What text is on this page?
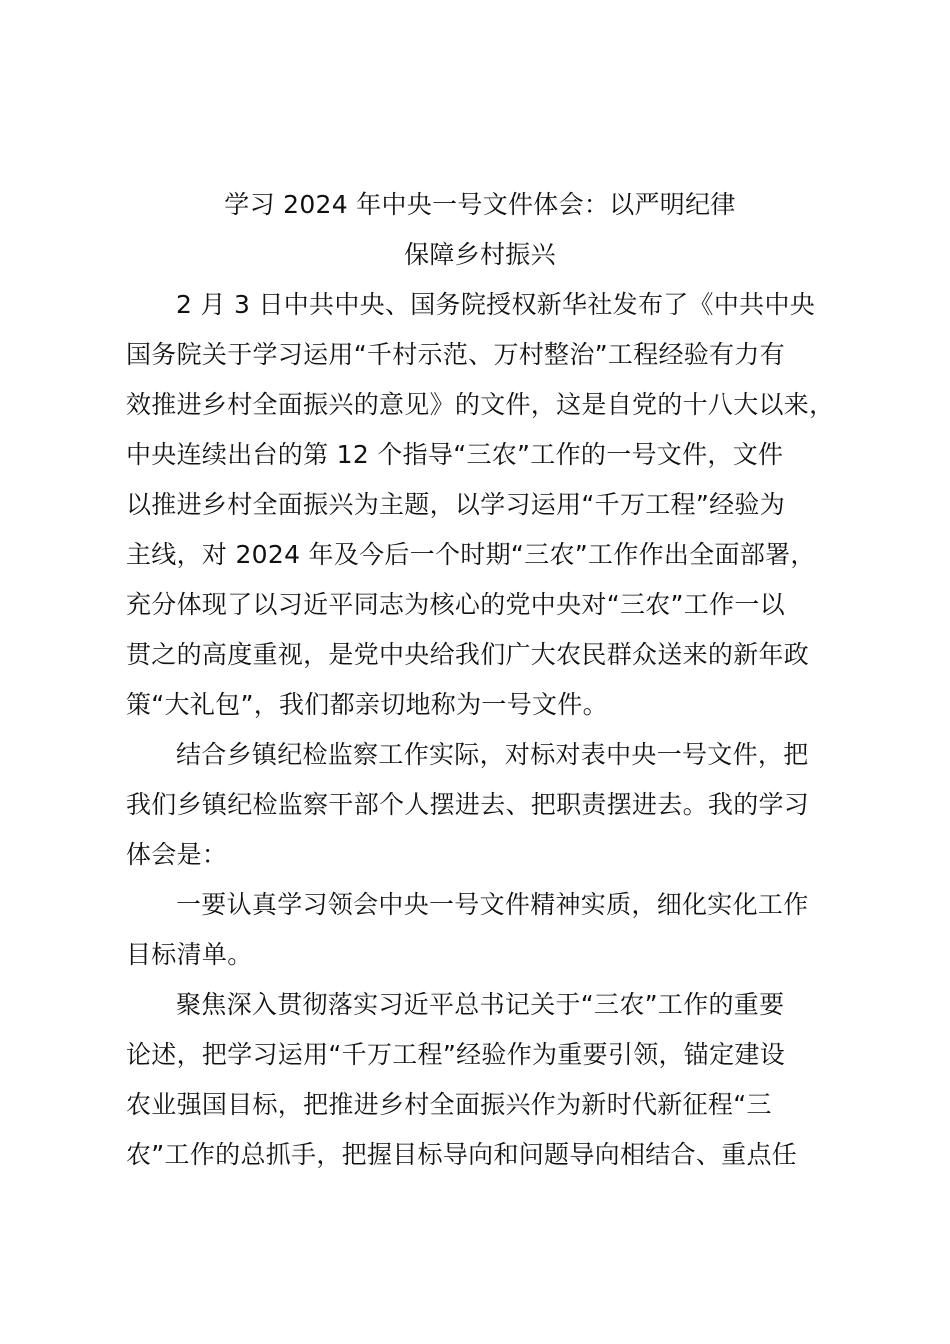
学习 2024 年中央一号文件体会：以严明纪律
保障乡村振兴
2 月 3 日中共中央、国务院授权新华社发布了《中共中央
国务院关于学习运用“千村示范、万村整治”工程经验有力有
效推进乡村全面振兴的意见》的文件，这是自党的十八大以来，
中央连续出台的第 12 个指导“三农”工作的一号文件，文件
以推进乡村全面振兴为主题，以学习运用“千万工程”经验为
主线，对 2024 年及今后一个时期“三农”工作作出全面部署，
充分体现了以习近平同志为核心的党中央对“三农”工作一以
贯之的高度重视，是党中央给我们广大农民群众送来的新年政
策“大礼包”，我们都亲切地称为一号文件。
结合乡镇纪检监察工作实际，对标对表中央一号文件，把
我们乡镇纪检监察干部个人摆进去、把职责摆进去。我的学习
体会是：
一要认真学习领会中央一号文件精神实质，细化实化工作
目标清单。
聚焦深入贯彻落实习近平总书记关于“三农”工作的重要
论述，把学习运用“千万工程”经验作为重要引领，锚定建设
农业强国目标，把推进乡村全面振兴作为新时代新征程“三
农”工作的总抓手，把握目标导向和问题导向相结合、重点任
